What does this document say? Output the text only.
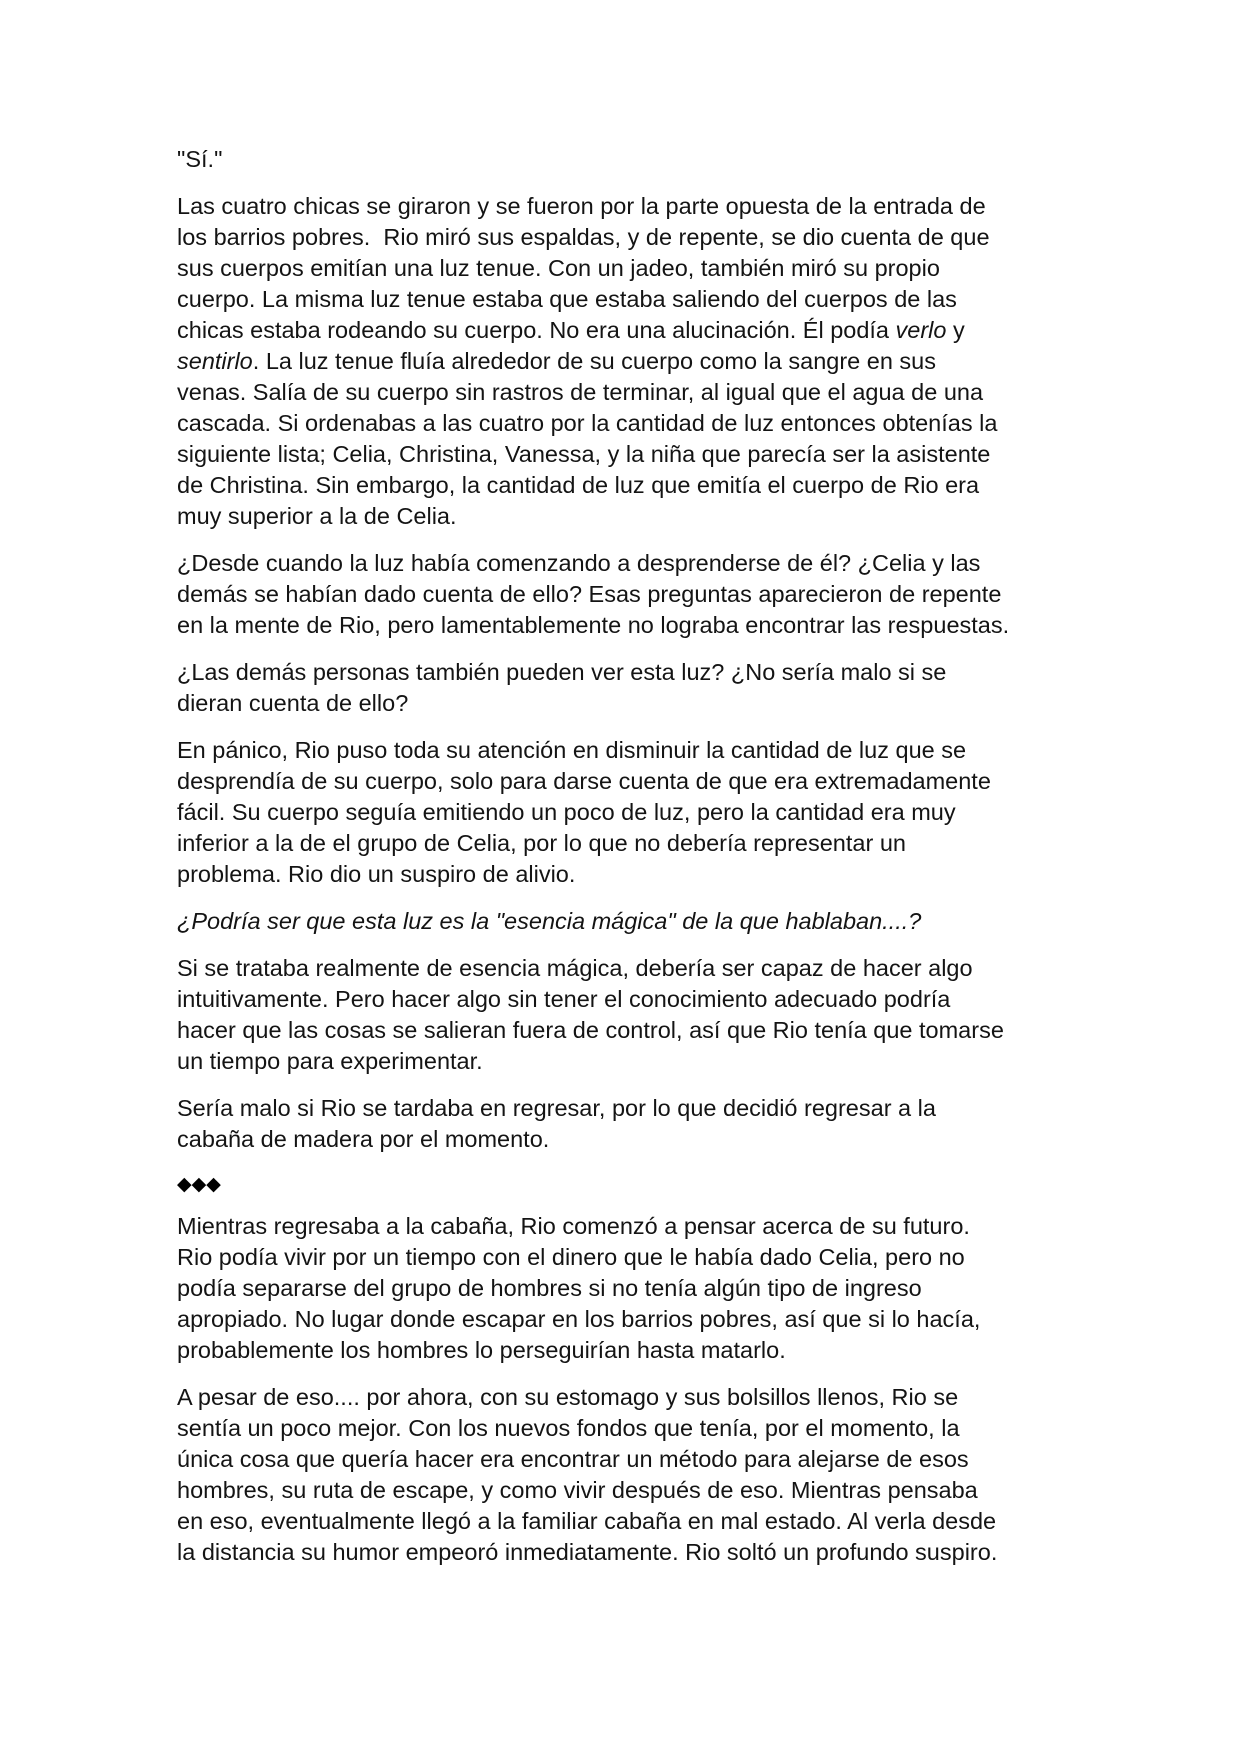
"Sí."

Las cuatro chicas se giraron y se fueron por la parte opuesta de la entrada de
los barrios pobres.  Rio miró sus espaldas, y de repente, se dio cuenta de que
sus cuerpos emitían una luz tenue. Con un jadeo, también miró su propio
cuerpo. La misma luz tenue estaba que estaba saliendo del cuerpos de las
chicas estaba rodeando su cuerpo. No era una alucinación. Él podía verlo y
sentirlo. La luz tenue fluía alrededor de su cuerpo como la sangre en sus
venas. Salía de su cuerpo sin rastros de terminar, al igual que el agua de una
cascada. Si ordenabas a las cuatro por la cantidad de luz entonces obtenías la
siguiente lista; Celia, Christina, Vanessa, y la niña que parecía ser la asistente
de Christina. Sin embargo, la cantidad de luz que emitía el cuerpo de Rio era
muy superior a la de Celia.

¿Desde cuando la luz había comenzando a desprenderse de él? ¿Celia y las
demás se habían dado cuenta de ello? Esas preguntas aparecieron de repente
en la mente de Rio, pero lamentablemente no lograba encontrar las respuestas.

¿Las demás personas también pueden ver esta luz? ¿No sería malo si se
dieran cuenta de ello?

En pánico, Rio puso toda su atención en disminuir la cantidad de luz que se
desprendía de su cuerpo, solo para darse cuenta de que era extremadamente
fácil. Su cuerpo seguía emitiendo un poco de luz, pero la cantidad era muy
inferior a la de el grupo de Celia, por lo que no debería representar un
problema. Rio dio un suspiro de alivio.

¿Podría ser que esta luz es la "esencia mágica" de la que hablaban....?

Si se trataba realmente de esencia mágica, debería ser capaz de hacer algo
intuitivamente. Pero hacer algo sin tener el conocimiento adecuado podría
hacer que las cosas se salieran fuera de control, así que Rio tenía que tomarse
un tiempo para experimentar.

Sería malo si Rio se tardaba en regresar, por lo que decidió regresar a la
cabaña de madera por el momento.

◆◆◆

Mientras regresaba a la cabaña, Rio comenzó a pensar acerca de su futuro.
Rio podía vivir por un tiempo con el dinero que le había dado Celia, pero no
podía separarse del grupo de hombres si no tenía algún tipo de ingreso
apropiado. No lugar donde escapar en los barrios pobres, así que si lo hacía,
probablemente los hombres lo perseguirían hasta matarlo.

A pesar de eso.... por ahora, con su estomago y sus bolsillos llenos, Rio se
sentía un poco mejor. Con los nuevos fondos que tenía, por el momento, la
única cosa que quería hacer era encontrar un método para alejarse de esos
hombres, su ruta de escape, y como vivir después de eso. Mientras pensaba
en eso, eventualmente llegó a la familiar cabaña en mal estado. Al verla desde
la distancia su humor empeoró inmediatamente. Rio soltó un profundo suspiro.
